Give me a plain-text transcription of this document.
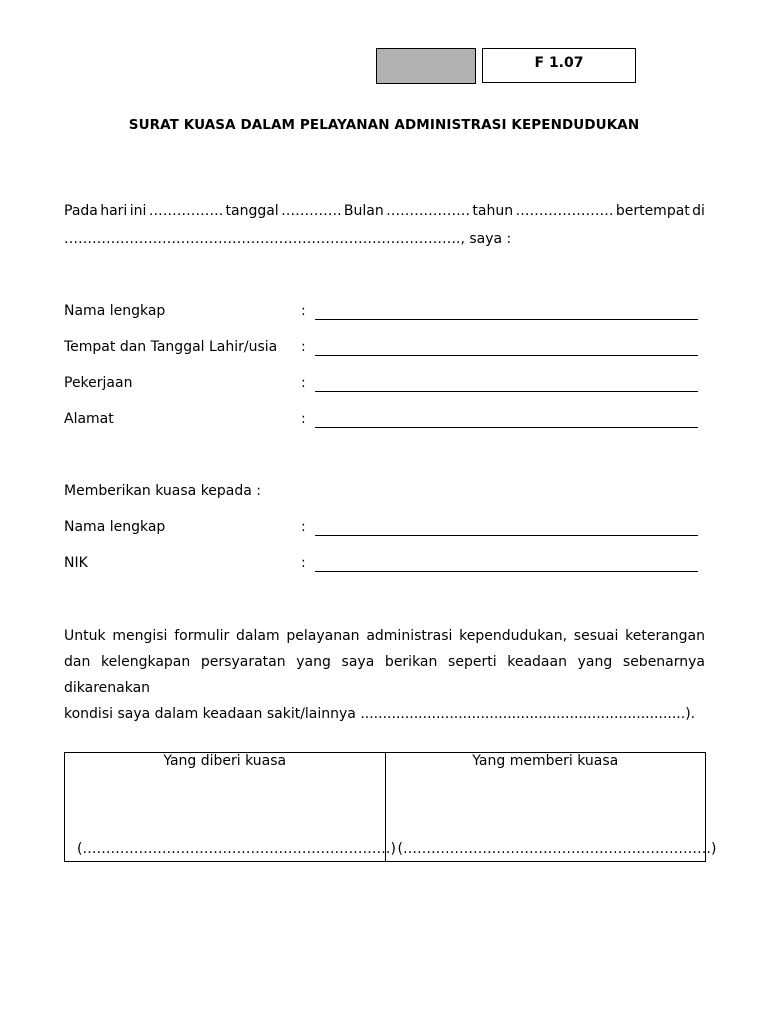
F 1.07
SURAT KUASA DALAM PELAYANAN ADMINISTRASI KEPENDUDUKAN
Pada hari ini ……………. tanggal …………. Bulan ……………… tahun ………………… bertempat di
…………………………………………………………………………., saya :
Nama lengkap	:
Tempat dan Tanggal Lahir/usia :
Pekerjaan	:
Alamat	:
Memberikan kuasa kepada :
Nama lengkap	:
NIK	:
Untuk mengisi formulir dalam pelayanan administrasi kependudukan, sesuai keterangan dan kelengkapan persyaratan yang saya berikan seperti keadaan yang sebenarnya dikarenakan kondisi saya dalam keadaan sakit/lainnya .........................................................................).
Yang diberi kuasa
(…………………………………………………………)
Yang memberi kuasa
(…………………………………………………………)
